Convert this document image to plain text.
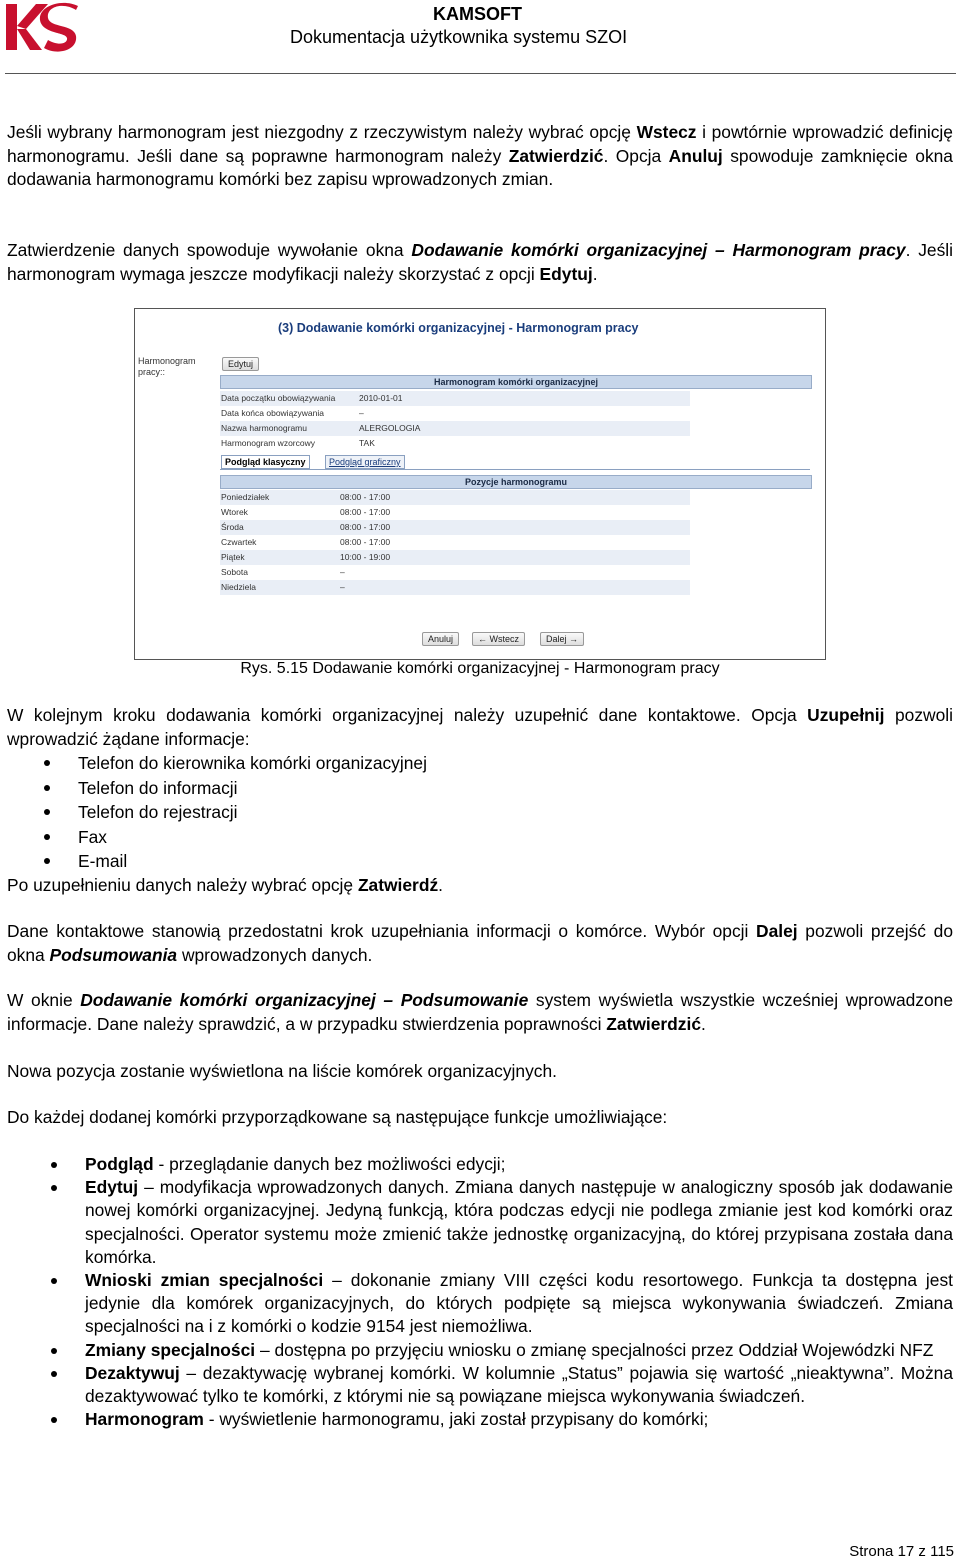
KAMSOFT
Dokumentacja użytkownika systemu SZOI
Jeśli wybrany harmonogram jest niezgodny z rzeczywistym należy wybrać opcję Wstecz i powtórnie wprowadzić definicję harmonogramu. Jeśli dane są poprawne harmonogram należy Zatwierdzić. Opcja Anuluj spowoduje zamknięcie okna dodawania harmonogramu komórki bez zapisu wprowadzonych zmian.
Zatwierdzenie danych spowoduje wywołanie okna Dodawanie komórki organizacyjnej – Harmonogram pracy. Jeśli harmonogram wymaga jeszcze modyfikacji należy skorzystać z opcji Edytuj.
(3) Dodawanie komórki organizacyjnej - Harmonogram pracy
Harmonogram pracy::
Edytuj
Harmonogram komórki organizacyjnej
Data początku obowiązywania	2010-01-01
Data końca obowiązywania	–
Nazwa harmonogramu	ALERGOLOGIA
Harmonogram wzorcowy	TAK
Podgląd klasyczny	Podgląd graficzny
Pozycje harmonogramu
Poniedziałek	08:00 - 17:00
Wtorek	08:00 - 17:00
Środa	08:00 - 17:00
Czwartek	08:00 - 17:00
Piątek	10:00 - 19:00
Sobota	–
Niedziela	–
Anuluj	← Wstecz	Dalej →
Rys. 5.15 Dodawanie komórki organizacyjnej - Harmonogram pracy
W kolejnym kroku dodawania komórki organizacyjnej należy uzupełnić dane kontaktowe. Opcja Uzupełnij pozwoli wprowadzić żądane informacje:
Telefon do kierownika komórki organizacyjnej
Telefon do informacji
Telefon do rejestracji
Fax
E-mail
Po uzupełnieniu danych należy wybrać opcję Zatwierdź.
Dane kontaktowe stanowią przedostatni krok uzupełniania informacji o komórce. Wybór opcji Dalej pozwoli przejść do okna Podsumowania wprowadzonych danych.
W oknie Dodawanie komórki organizacyjnej – Podsumowanie system wyświetla wszystkie wcześniej wprowadzone informacje. Dane należy sprawdzić, a w przypadku stwierdzenia poprawności Zatwierdzić.
Nowa pozycja zostanie wyświetlona na liście komórek organizacyjnych.
Do każdej dodanej komórki przyporządkowane są następujące funkcje umożliwiające:
Podgląd - przeglądanie danych bez możliwości edycji;
Edytuj – modyfikacja wprowadzonych danych. Zmiana danych następuje w analogiczny sposób jak dodawanie nowej komórki organizacyjnej. Jedyną funkcją, która podczas edycji nie podlega zmianie jest kod komórki oraz specjalności. Operator systemu może zmienić także jednostkę organizacyjną, do której przypisana została dana komórka.
Wnioski zmian specjalności – dokonanie zmiany VIII części kodu resortowego. Funkcja ta dostępna jest jedynie dla komórek organizacyjnych, do których podpięte są miejsca wykonywania świadczeń. Zmiana specjalności na i z komórki o kodzie 9154 jest niemożliwa.
Zmiany specjalności – dostępna po przyjęciu wniosku o zmianę specjalności przez Oddział Wojewódzki NFZ
Dezaktywuj – dezaktywację wybranej komórki. W kolumnie „Status” pojawia się wartość „nieaktywna”. Można dezaktywować tylko te komórki, z którymi nie są powiązane miejsca wykonywania świadczeń.
Harmonogram - wyświetlenie harmonogramu, jaki został przypisany do komórki;
Strona 17 z 115
